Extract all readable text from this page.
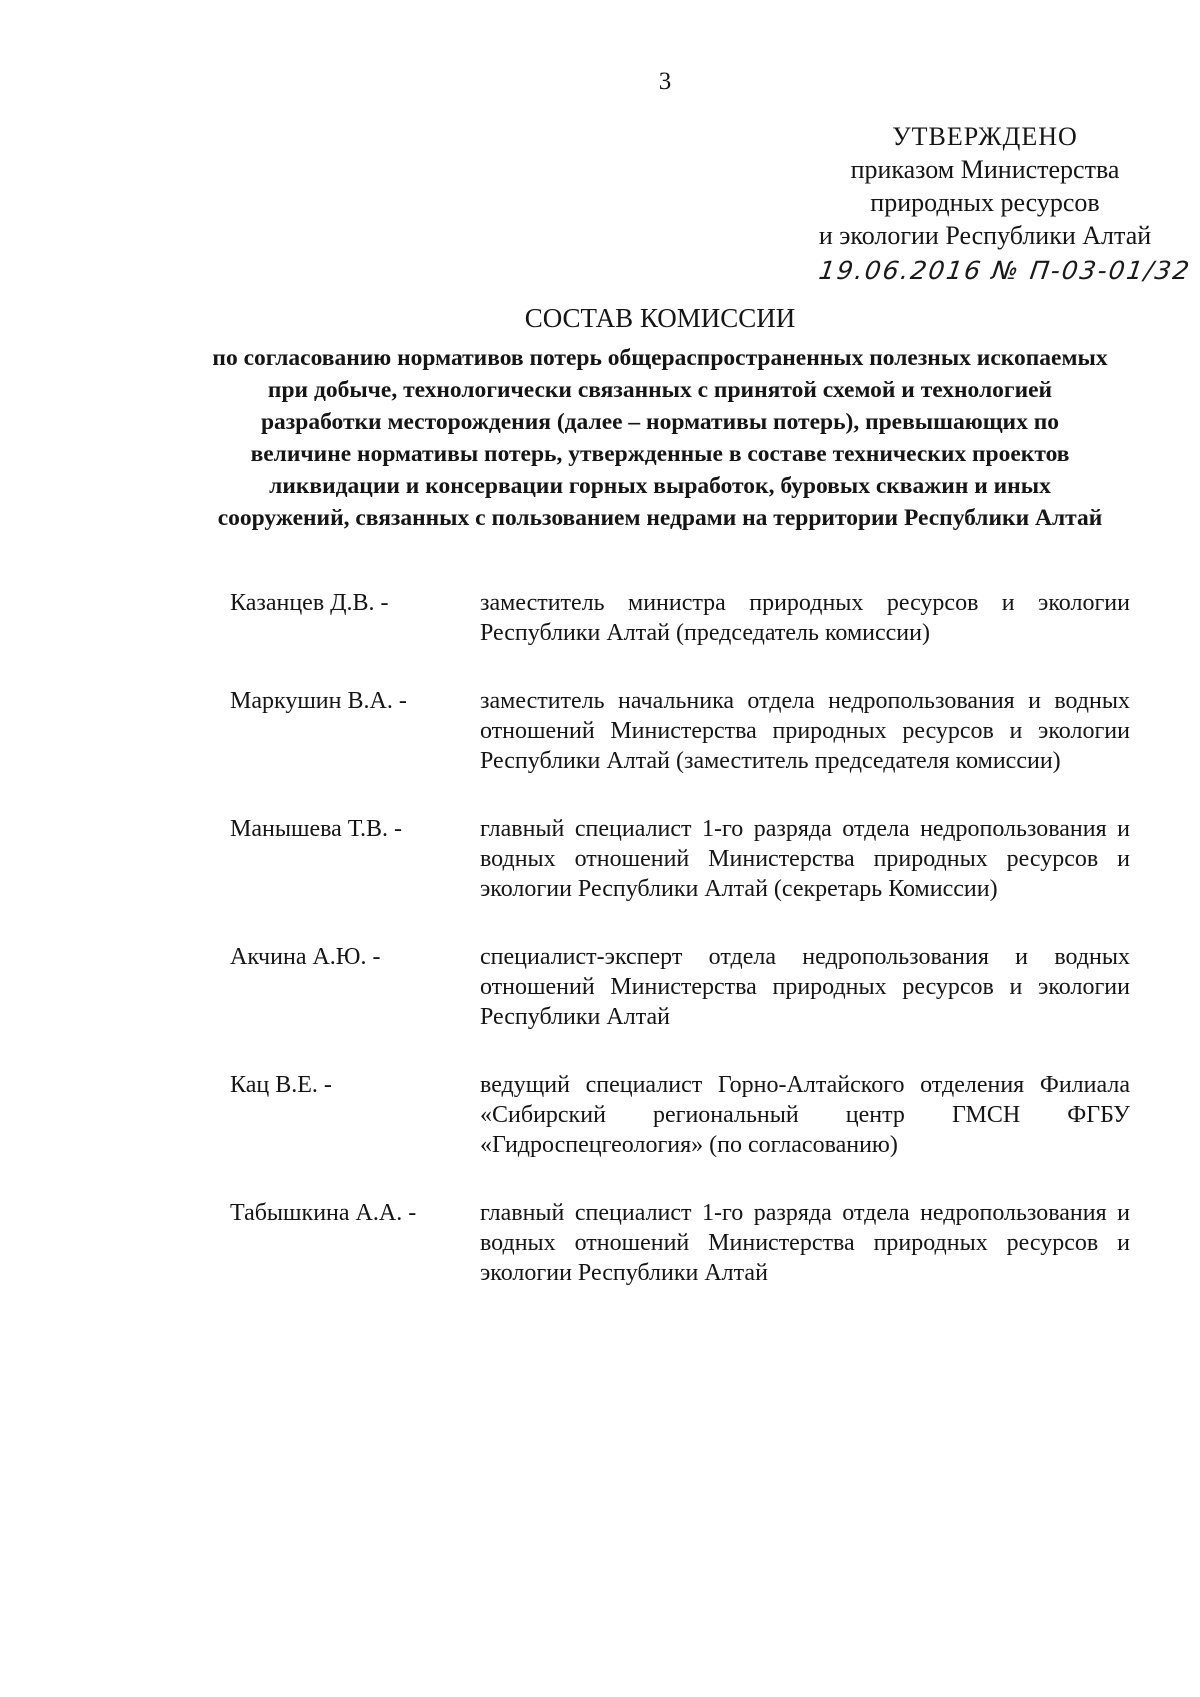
3
УТВЕРЖДЕНО
приказом Министерства
природных ресурсов
и экологии Республики Алтай
19.06.2016 № П-03-01/32
СОСТАВ КОМИССИИ
по согласованию нормативов потерь общераспространенных полезных ископаемых
при добыче, технологически связанных с принятой схемой и технологией
разработки месторождения (далее – нормативы потерь), превышающих по
величине нормативы потерь, утвержденные в составе технических проектов
ликвидации и консервации горных выработок, буровых скважин и иных
сооружений, связанных с пользованием недрами на территории Республики Алтай
Казанцев Д.В. -	заместитель министра природных ресурсов и экологии Республики Алтай (председатель комиссии)
Маркушин В.А. -	заместитель начальника отдела недропользования и водных отношений Министерства природных ресурсов и экологии Республики Алтай (заместитель председателя комиссии)
Манышева Т.В. -	главный специалист 1-го разряда отдела недропользования и водных отношений Министерства природных ресурсов и экологии Республики Алтай (секретарь Комиссии)
Акчина А.Ю. -	специалист-эксперт отдела недропользования и водных отношений Министерства природных ресурсов и экологии Республики Алтай
Кац В.Е. -	ведущий специалист Горно-Алтайского отделения Филиала «Сибирский региональный центр ГМСН ФГБУ «Гидроспецгеология» (по согласованию)
Табышкина А.А. -	главный специалист 1-го разряда отдела недропользования и водных отношений Министерства природных ресурсов и экологии Республики Алтай
